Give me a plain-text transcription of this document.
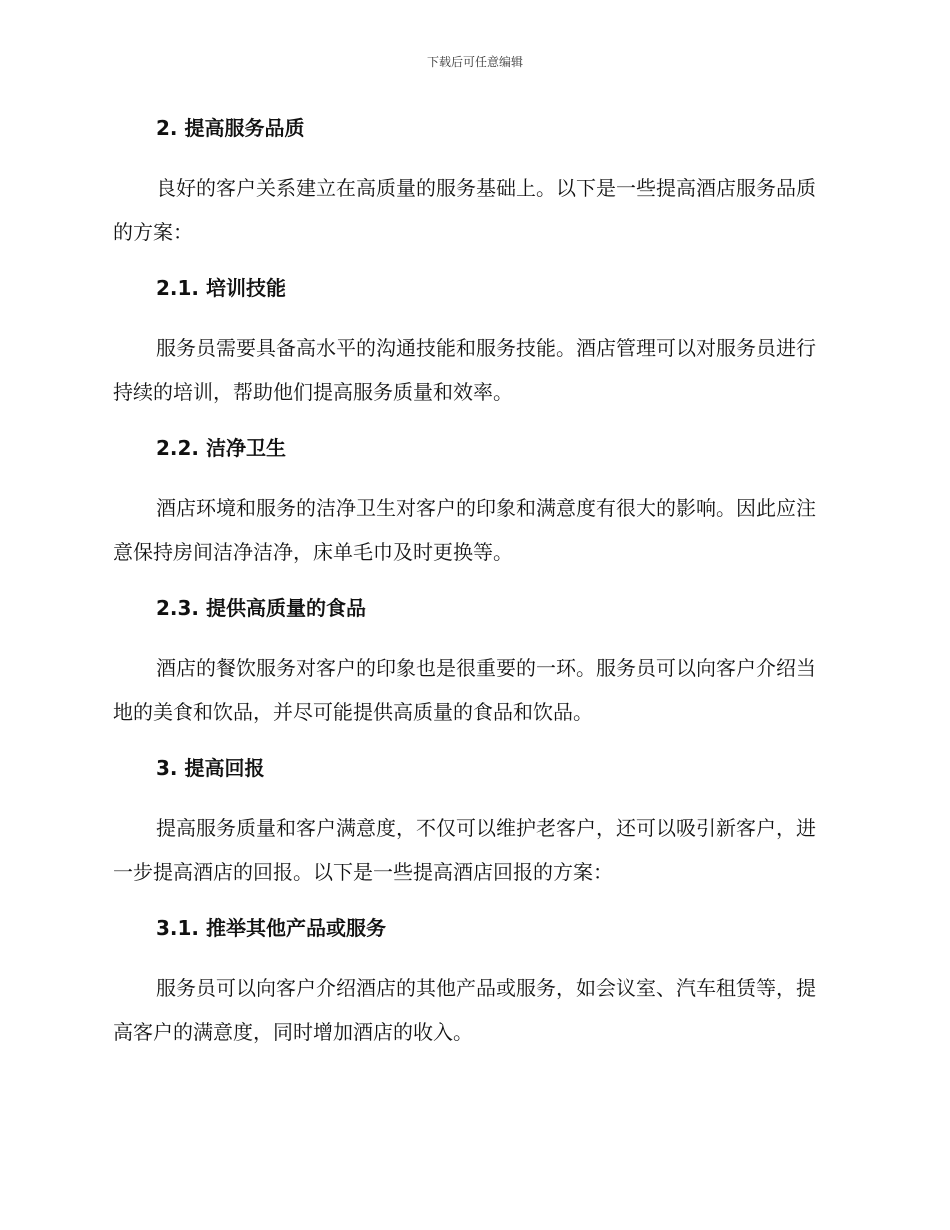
下载后可任意编辑
2. 提高服务品质

良好的客户关系建立在高质量的服务基础上。以下是一些提高酒店服务品质的方案：

2.1. 培训技能

服务员需要具备高水平的沟通技能和服务技能。酒店管理可以对服务员进行持续的培训，帮助他们提高服务质量和效率。

2.2. 洁净卫生

酒店环境和服务的洁净卫生对客户的印象和满意度有很大的影响。因此应注意保持房间洁净洁净，床单毛巾及时更换等。

2.3. 提供高质量的食品

酒店的餐饮服务对客户的印象也是很重要的一环。服务员可以向客户介绍当地的美食和饮品，并尽可能提供高质量的食品和饮品。

3. 提高回报

提高服务质量和客户满意度，不仅可以维护老客户，还可以吸引新客户，进一步提高酒店的回报。以下是一些提高酒店回报的方案：

3.1. 推举其他产品或服务

服务员可以向客户介绍酒店的其他产品或服务，如会议室、汽车租赁等，提高客户的满意度，同时增加酒店的收入。
